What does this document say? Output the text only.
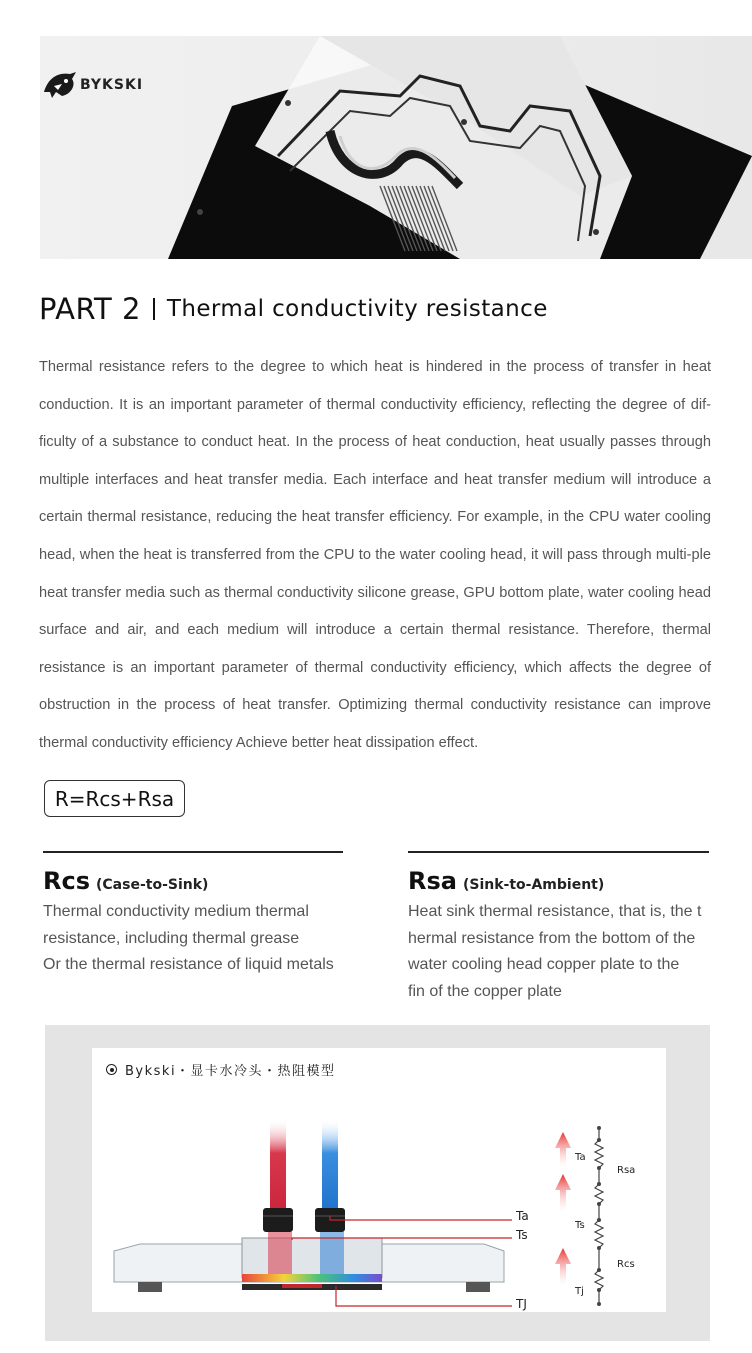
BYKSKI
PART 2 Thermal conductivity resistance
Thermal resistance refers to the degree to which heat is hindered in the process of transfer in heat conduction. It is an important parameter of thermal conductivity efficiency, reflecting the degree of dif-ficulty of a substance to conduct heat. In the process of heat conduction, heat usually passes through multiple interfaces and heat transfer media. Each interface and heat transfer medium will introduce a certain thermal resistance, reducing the heat transfer efficiency. For example, in the CPU water cooling head, when the heat is transferred from the CPU to the water cooling head, it will pass through multi-ple heat transfer media such as thermal conductivity silicone grease, GPU bottom plate, water cooling head surface and air, and each medium will introduce a certain thermal resistance. Therefore, thermal resistance is an important parameter of thermal conductivity efficiency, which affects the degree of obstruction in the process of heat transfer. Optimizing thermal conductivity resistance can improve thermal conductivity efficiency Achieve better heat dissipation effect.
R=Rcs+Rsa
Rcs (Case-to-Sink)
Thermal conductivity medium thermal
resistance, including thermal grease
Or the thermal resistance of liquid metals
Rsa (Sink-to-Ambient)
Heat sink thermal resistance, that is, the t
hermal resistance from the bottom of the
water cooling head copper plate to the
fin of the copper plate
Bykski・显卡水冷头・热阻模型
Ta
Ts
TJ
Ta
Ts
Tj
Rsa
Rcs
